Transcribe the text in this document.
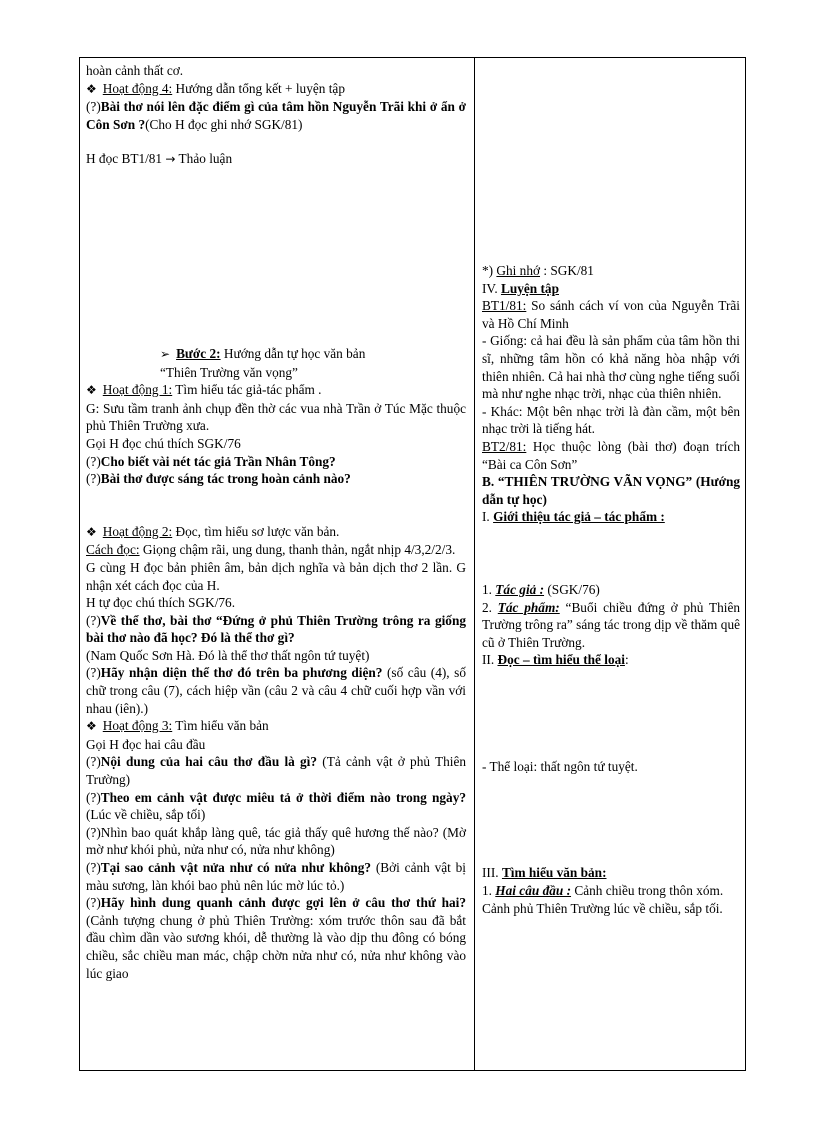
hoàn cảnh thất cơ.
❖ Hoạt động 4: Hướng dẫn tổng kết + luyện tập
(?)Bài thơ nói lên đặc điểm gì của tâm hồn Nguyễn Trãi khi ở ẩn ở Côn Sơn ?(Cho H đọc ghi nhớ SGK/81)
H đọc BT1/81 → Thảo luận
➢ Bước 2: Hướng dẫn tự học văn bản
“Thiên Trường văn vọng”
❖ Hoạt động 1: Tìm hiểu tác giả-tác phẩm .
G: Sưu tầm tranh ảnh chụp đền thờ các vua nhà Trần ở Túc Mặc thuộc phủ Thiên Trường xưa.
Gọi H đọc chú thích SGK/76
(?)Cho biết vài nét tác giả Trần Nhân Tông?
(?)Bài thơ được sáng tác trong hoàn cảnh nào?
❖ Hoạt động 2: Đọc, tìm hiểu sơ lược văn bản.
Cách đọc: Giọng chậm rãi, ung dung, thanh thản, ngắt nhịp 4/3,2/2/3.
G cùng H đọc bản phiên âm, bản dịch nghĩa và bản dịch thơ 2 lần. G nhận xét cách đọc của H.
H tự đọc chú thích SGK/76.
(?)Về thể thơ, bài thơ “Đứng ở phủ Thiên Trường trông ra giống bài thơ nào đã học? Đó là thể thơ gì?
(Nam Quốc Sơn Hà. Đó là thể thơ thất ngôn tứ tuyệt)
(?)Hãy nhận diện thể thơ đó trên ba phương diện? (số câu (4), số chữ trong câu (7), cách hiệp vần (câu 2 và câu 4 chữ cuối hợp vần với nhau (iên).)
❖ Hoạt động 3: Tìm hiểu văn bản
Gọi H đọc hai câu đầu
(?)Nội dung của hai câu thơ đầu là gì? (Tả cảnh vật ở phủ Thiên Trường)
(?)Theo em cảnh vật được miêu tả ở thời điểm nào trong ngày? (Lúc về chiều, sắp tối)
(?)Nhìn bao quát khắp làng quê, tác giả thấy quê hương thế nào? (Mờ mờ như khói phủ, nửa như có, nửa như không)
(?)Tại sao cảnh vật nửa như có nửa như không? (Bởi cảnh vật bị màu sương, làn khói bao phủ nên lúc mờ lúc tỏ.)
(?)Hãy hình dung quanh cảnh được gợi lên ở câu thơ thứ hai? (Cảnh tượng chung ở phủ Thiên Trường: xóm trước thôn sau đã bắt đầu chìm dần vào sương khói, dễ thường là vào dịp thu đông có bóng chiều, sắc chiều man mác, chập chờn nửa như có, nửa như không vào lúc giao
*) Ghi nhớ : SGK/81
IV. Luyện tập
BT1/81: So sánh cách ví von của Nguyễn Trãi và Hồ Chí Minh
- Giống: cả hai đều là sản phẩm của tâm hồn thi sĩ, những tâm hồn có khả năng hòa nhập với thiên nhiên. Cả hai nhà thơ cùng nghe tiếng suối mà như nghe nhạc trời, nhạc của thiên nhiên.
- Khác: Một bên nhạc trời là đàn cầm, một bên nhạc trời là tiếng hát.
BT2/81: Học thuộc lòng (bài thơ) đoạn trích “Bài ca Côn Sơn”
B. “THIÊN TRƯỜNG VÃN VỌNG” (Hướng dẫn tự học)
I. Giới thiệu tác giả – tác phẩm :
1. Tác giả : (SGK/76)
2. Tác phẩm: “Buổi chiều đứng ở phủ Thiên Trường trông ra” sáng tác trong dịp về thăm quê cũ ở Thiên Trường.
II. Đọc – tìm hiểu thể loại:
- Thể loại: thất ngôn tứ tuyệt.
III. Tìm hiểu văn bản:
1. Hai câu đầu : Cảnh chiều trong thôn xóm.
Cảnh phủ Thiên Trường lúc về chiều, sắp tối.
